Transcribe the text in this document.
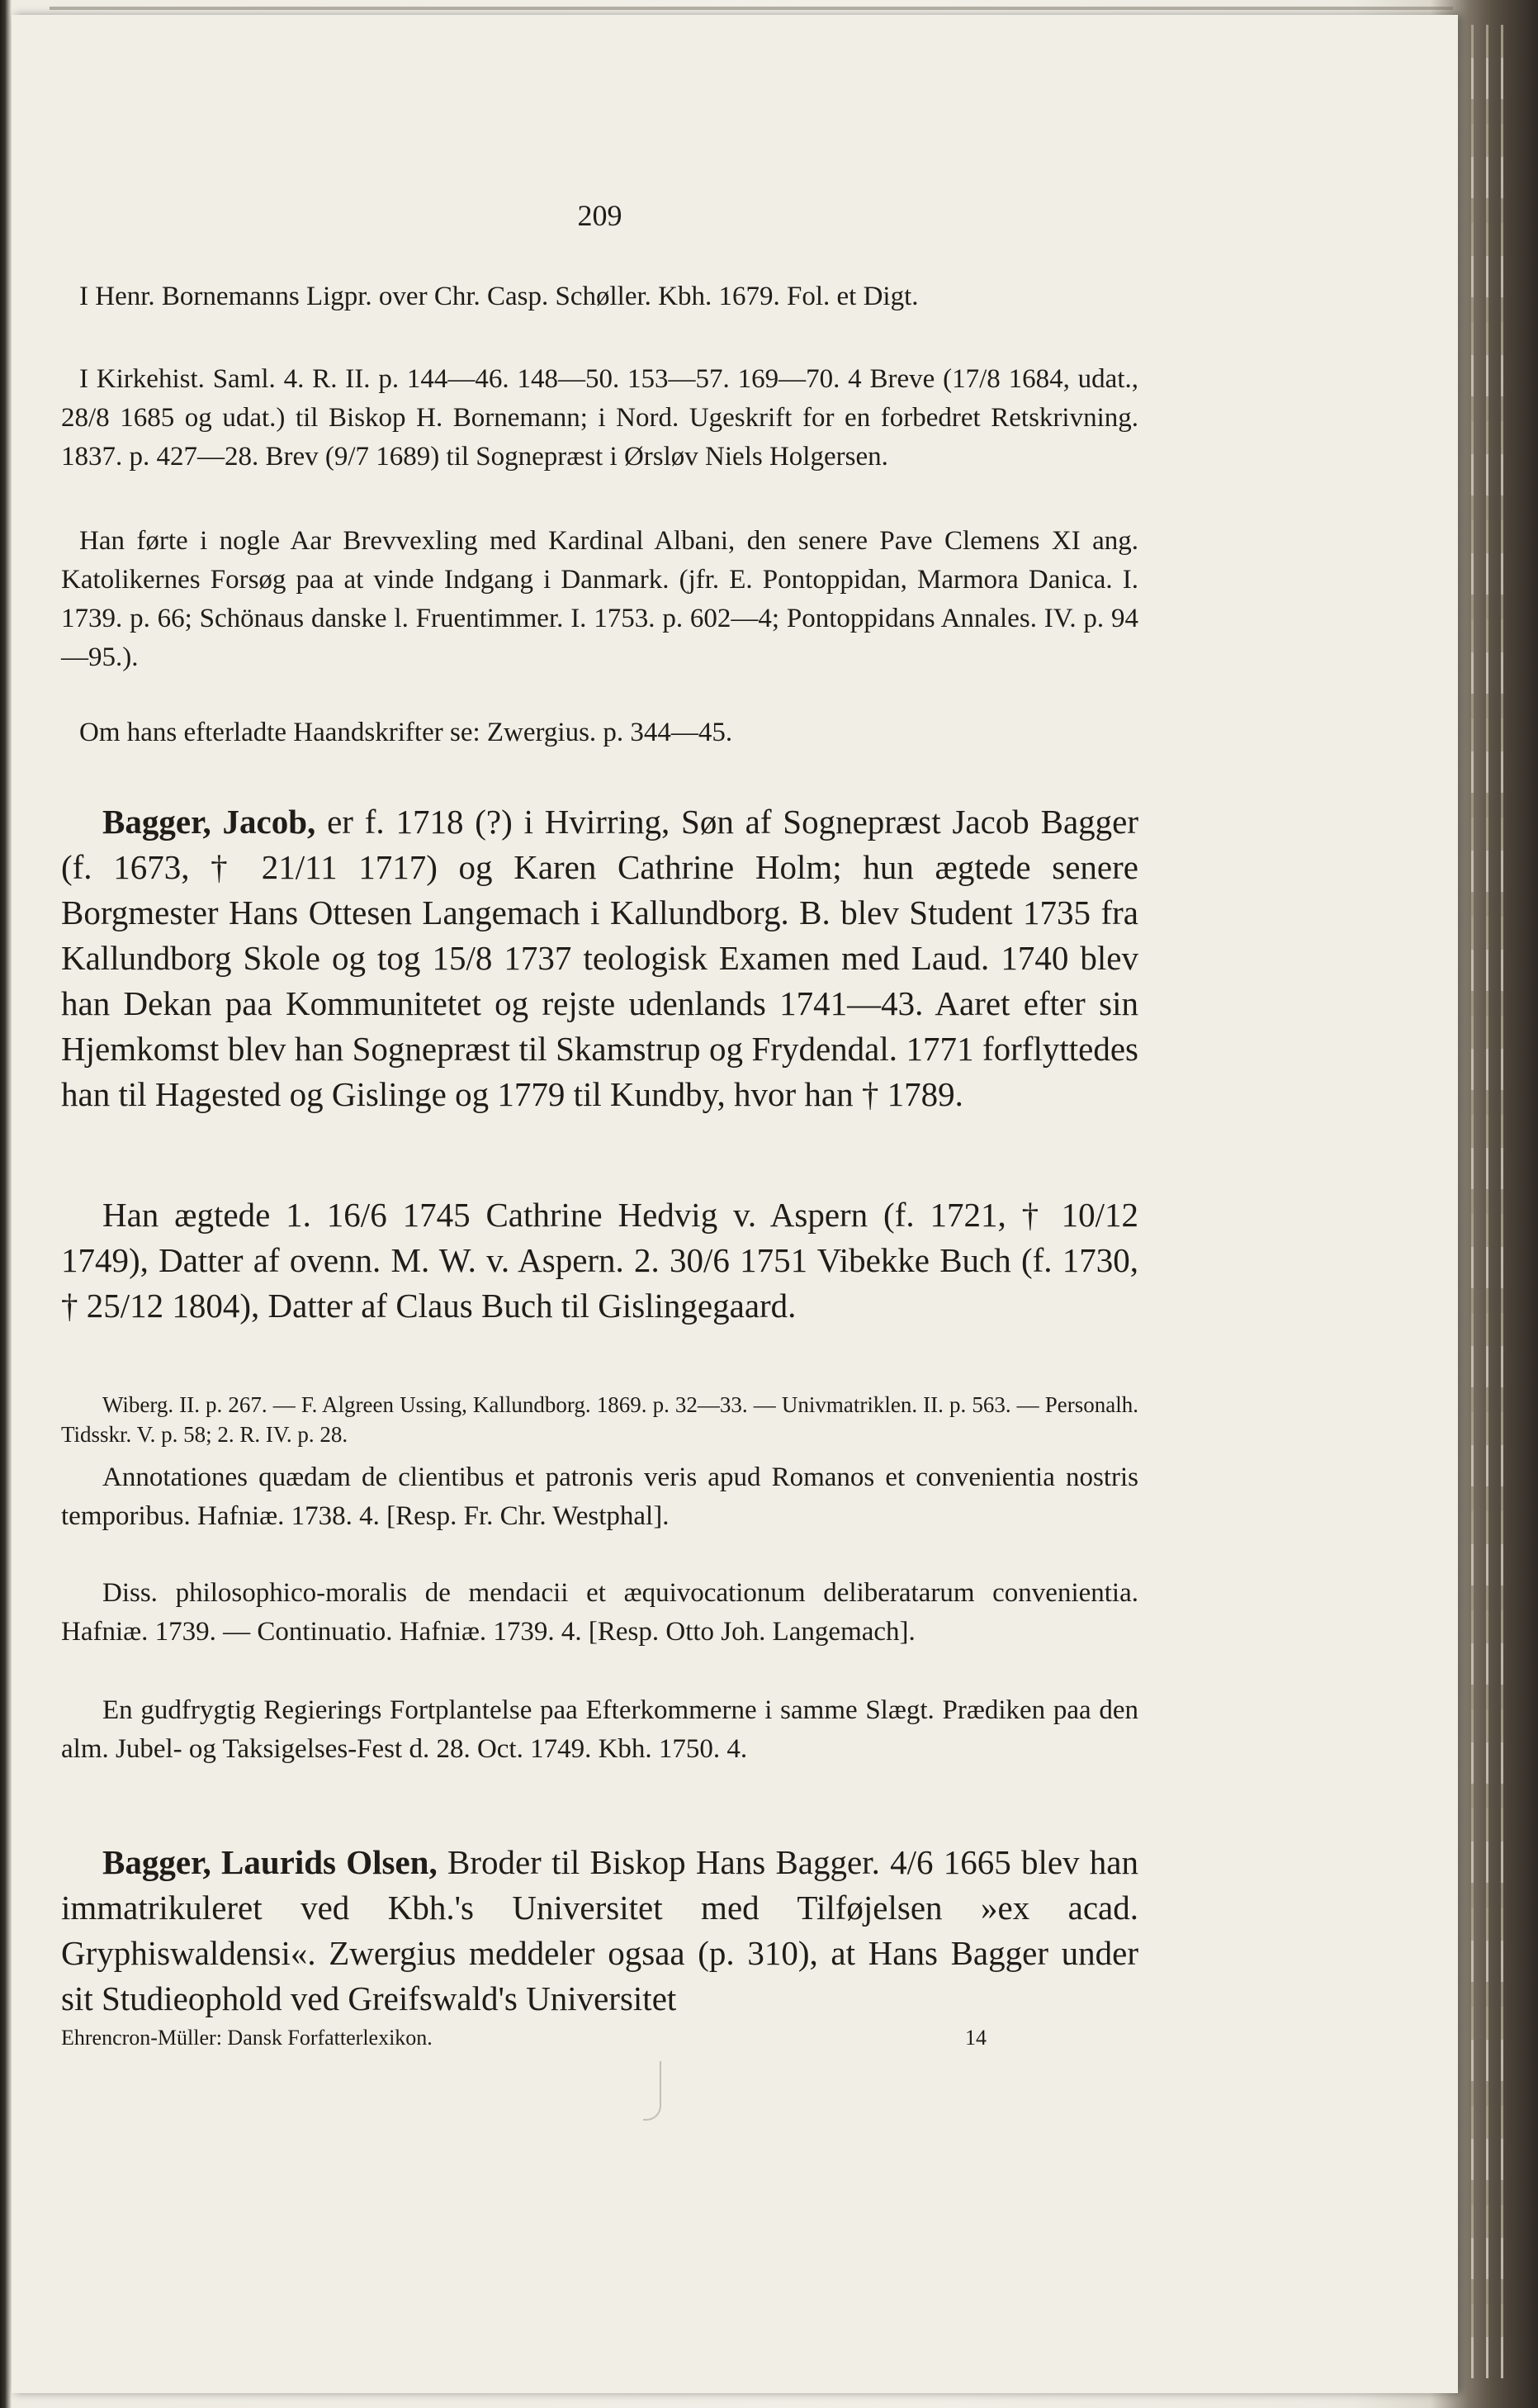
209

I Henr. Bornemanns Ligpr. over Chr. Casp. Schøller. Kbh. 1679. Fol. et Digt.

I Kirkehist. Saml. 4. R. II. p. 144—46. 148—50. 153—57. 169—70. 4 Breve (17/8 1684, udat., 28/8 1685 og udat.) til Biskop H. Bornemann; i Nord. Ugeskrift for en forbedret Retskrivning. 1837. p. 427—28. Brev (9/7 1689) til Sognepræst i Ørsløv Niels Holgersen.

Han førte i nogle Aar Brevvexling med Kardinal Albani, den senere Pave Clemens XI ang. Katolikernes Forsøg paa at vinde Indgang i Danmark. (jfr. E. Pontoppidan, Marmora Danica. I. 1739. p. 66; Schönaus danske l. Fruentimmer. I. 1753. p. 602—4; Pontoppidans Annales. IV. p. 94—95.).

Om hans efterladte Haandskrifter se: Zwergius. p. 344—45.

Bagger, Jacob, er f. 1718 (?) i Hvirring, Søn af Sognepræst Jacob Bagger (f. 1673, † 21/11 1717) og Karen Cathrine Holm; hun ægtede senere Borgmester Hans Ottesen Langemach i Kallundborg. B. blev Student 1735 fra Kallundborg Skole og tog 15/8 1737 teologisk Examen med Laud. 1740 blev han Dekan paa Kommunitetet og rejste udenlands 1741—43. Aaret efter sin Hjemkomst blev han Sognepræst til Skamstrup og Frydendal. 1771 forflyttedes han til Hagested og Gislinge og 1779 til Kundby, hvor han † 1789.

Han ægtede 1. 16/6 1745 Cathrine Hedvig v. Aspern (f. 1721, † 10/12 1749), Datter af ovenn. M. W. v. Aspern. 2. 30/6 1751 Vibekke Buch (f. 1730, † 25/12 1804), Datter af Claus Buch til Gislingegaard.

Wiberg. II. p. 267. — F. Algreen Ussing, Kallundborg. 1869. p. 32—33. — Univmatriklen. II. p. 563. — Personalh. Tidsskr. V. p. 58; 2. R. IV. p. 28.

Annotationes quædam de clientibus et patronis veris apud Romanos et convenientia nostris temporibus. Hafniæ. 1738. 4. [Resp. Fr. Chr. Westphal].

Diss. philosophico-moralis de mendacii et æquivocationum deliberatarum convenientia. Hafniæ. 1739. — Continuatio. Hafniæ. 1739. 4. [Resp. Otto Joh. Langemach].

En gudfrygtig Regierings Fortplantelse paa Efterkommerne i samme Slægt. Prædiken paa den alm. Jubel- og Taksigelses-Fest d. 28. Oct. 1749. Kbh. 1750. 4.

Bagger, Laurids Olsen, Broder til Biskop Hans Bagger. 4/6 1665 blev han immatrikuleret ved Kbh.'s Universitet med Tilføjelsen »ex acad. Gryphiswaldensi«. Zwergius meddeler ogsaa (p. 310), at Hans Bagger under sit Studieophold ved Greifswald's Universitet

Ehrencron-Müller: Dansk Forfatterlexikon.	14
